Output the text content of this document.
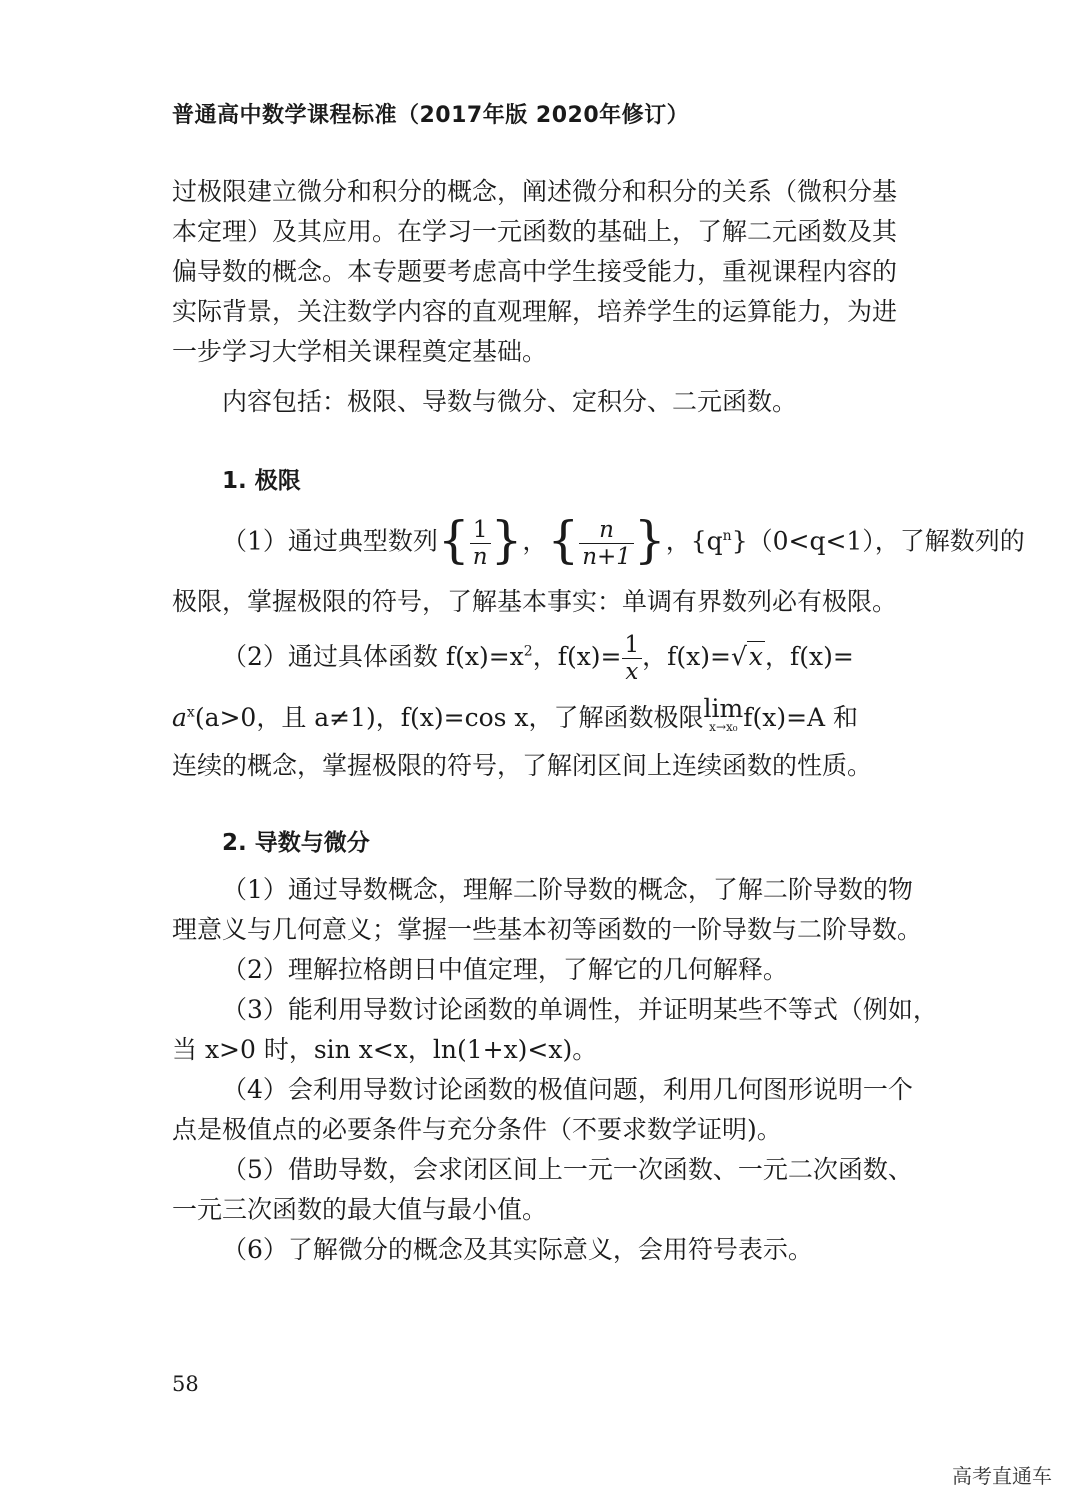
普通高中数学课程标准（2017年版 2020年修订）
过极限建立微分和积分的概念，阐述微分和积分的关系（微积分基
本定理）及其应用。在学习一元函数的基础上，了解二元函数及其
偏导数的概念。本专题要考虑高中学生接受能力，重视课程内容的
实际背景，关注数学内容的直观理解，培养学生的运算能力，为进
一步学习大学相关课程奠定基础。
内容包括：极限、导数与微分、定积分、二元函数。
1. 极限
（1）通过典型数列{ $\frac{1}{n}$ }，{ $\frac{n}{n+1}$ }，$\{q^n\}(0<q<1)$，了解数列的
极限，掌握极限的符号，了解基本事实：单调有界数列必有极限。
（2）通过具体函数 $f(x)=x^2$，$f(x)= \frac{1}{x}$ ，f(x)=√x，f(x)=
$a^x(a>0$，且 a≠1)，f(x)=cos x，了解函数极限lim
x→x₀ f(x)=A 和
连续的概念，掌握极限的符号，了解闭区间上连续函数的性质。
2. 导数与微分
（1）通过导数概念，理解二阶导数的概念，了解二阶导数的物
理意义与几何意义；掌握一些基本初等函数的一阶导数与二阶导数。
（2）理解拉格朗日中值定理，了解它的几何解释。
（3）能利用导数讨论函数的单调性，并证明某些不等式（例如，
当 x>0 时，sin x<x，ln(1+x)<x)。
（4）会利用导数讨论函数的极值问题，利用几何图形说明一个
点是极值点的必要条件与充分条件（不要求数学证明)。
（5）借助导数，会求闭区间上一元一次函数、一元二次函数、
一元三次函数的最大值与最小值。
（6）了解微分的概念及其实际意义，会用符号表示。
58
高考直通车
